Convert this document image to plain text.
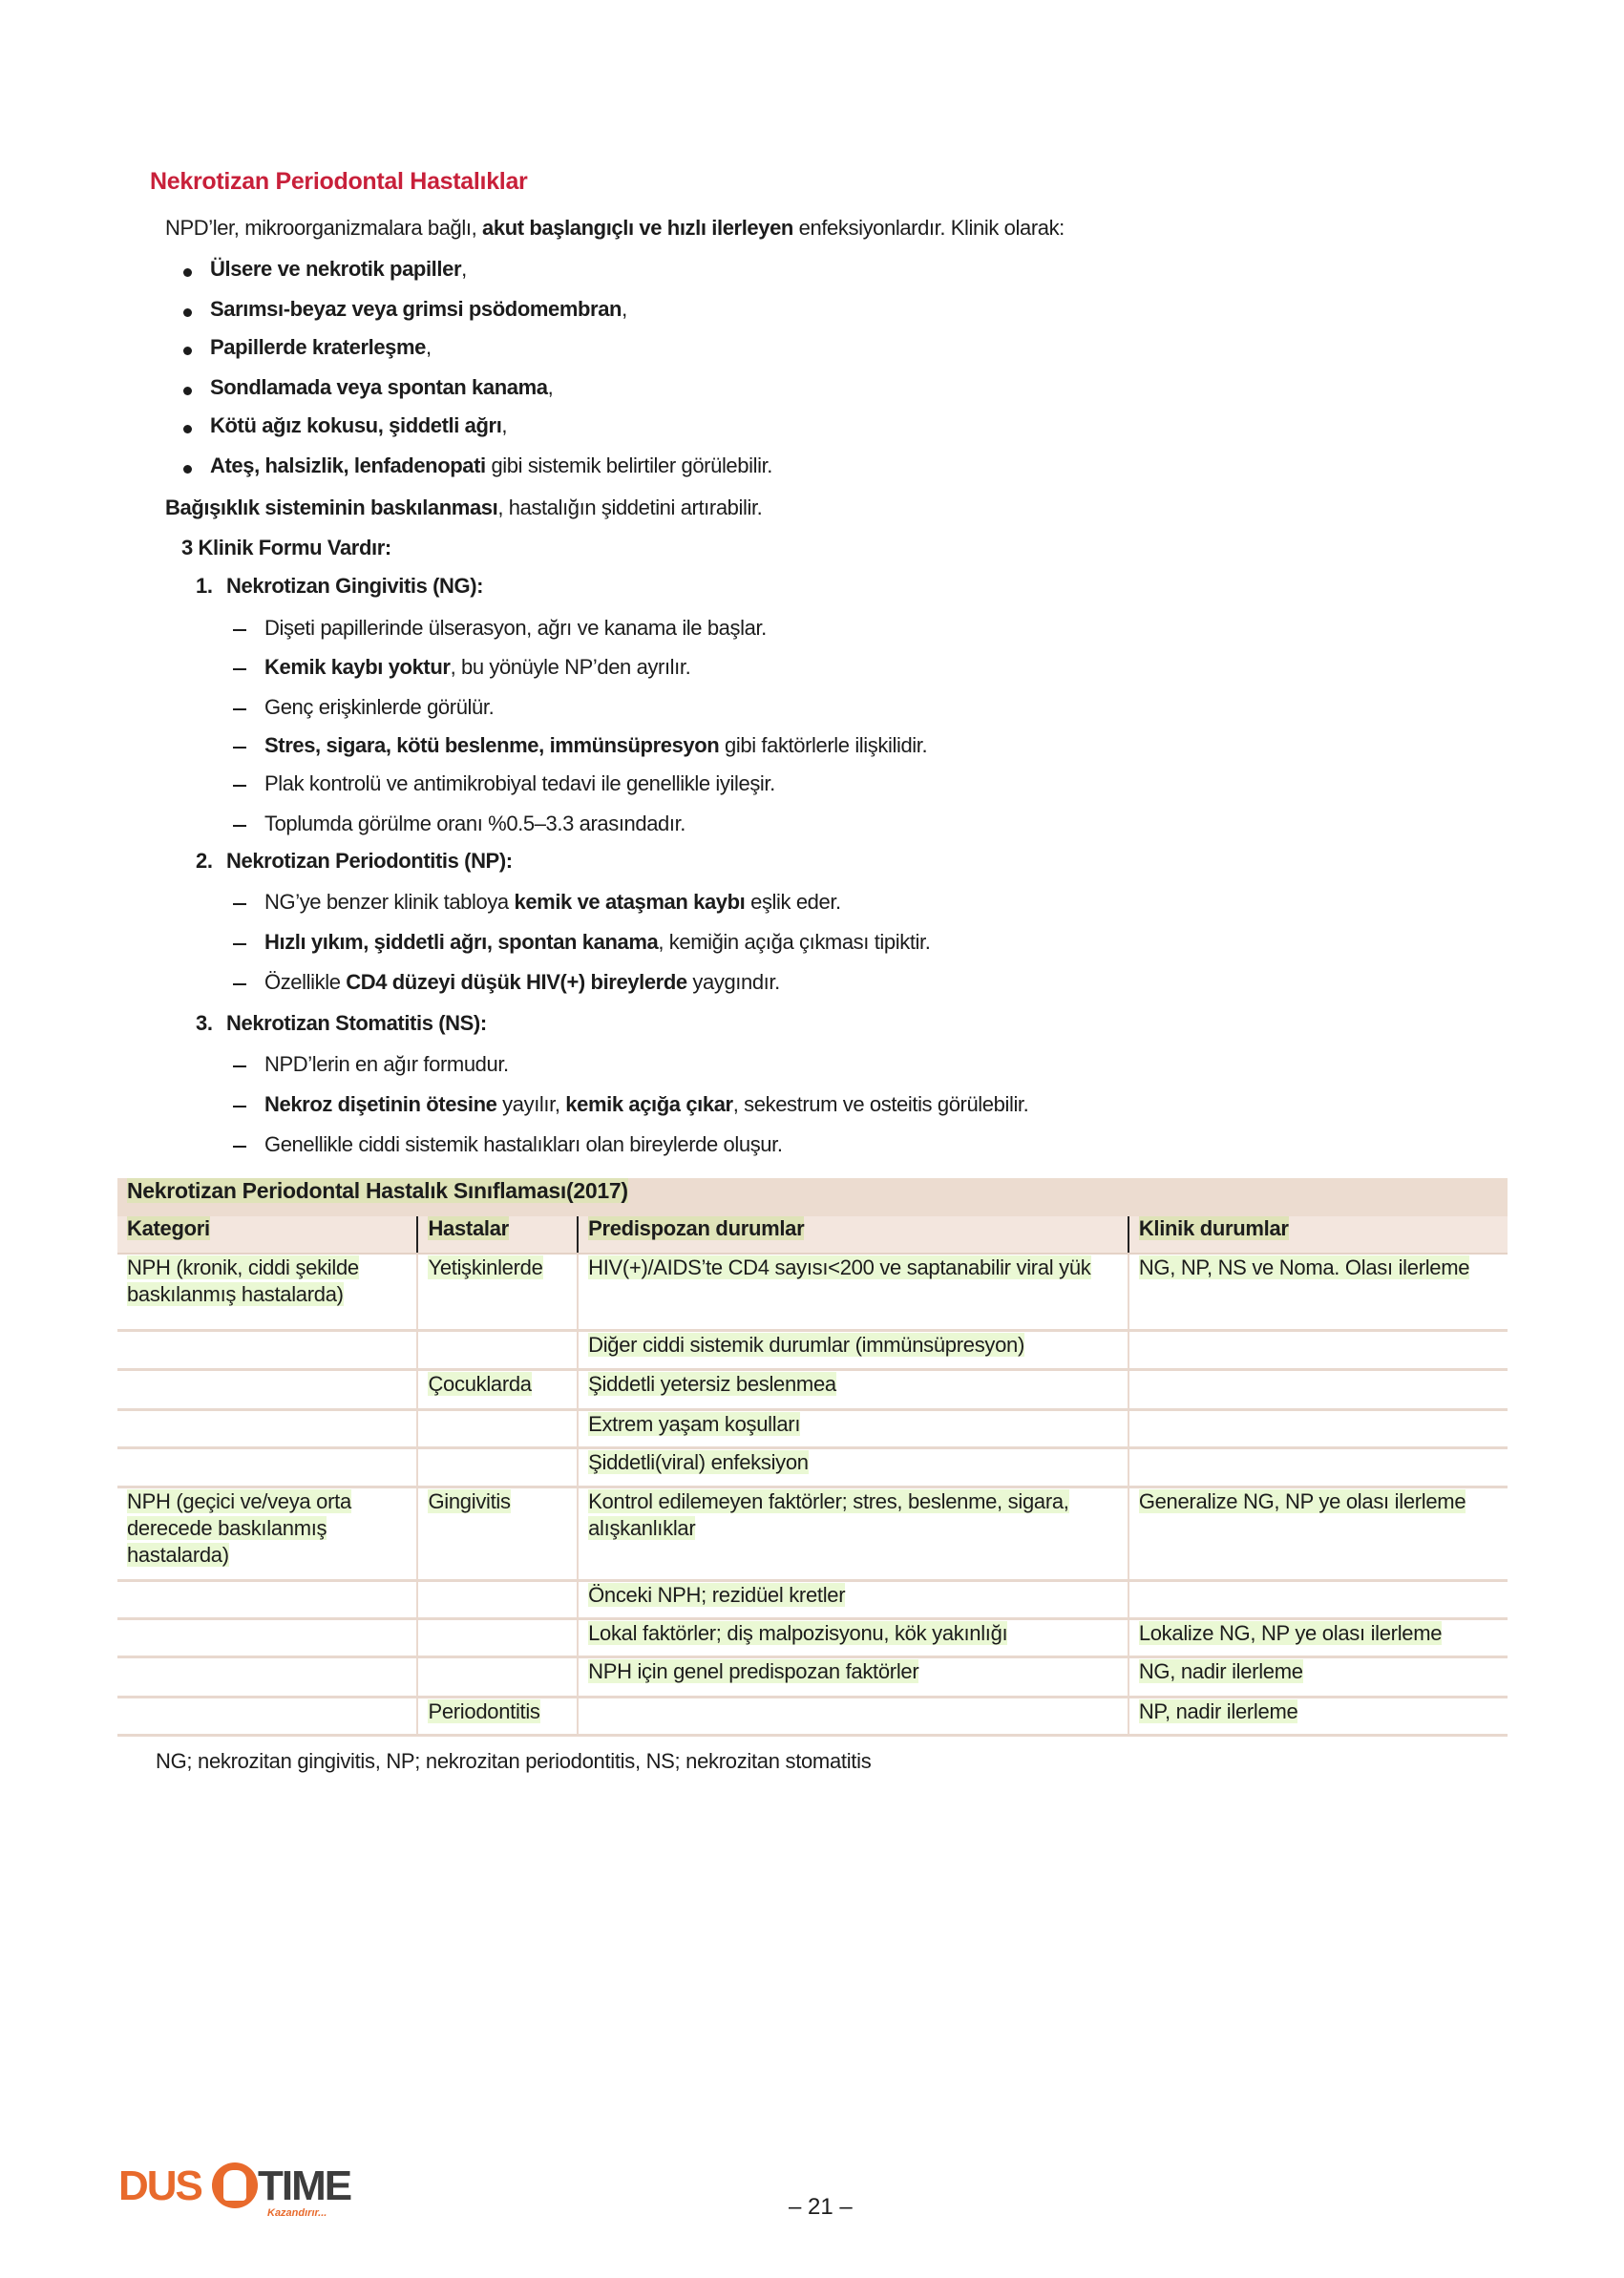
Nekrotizan Periodontal Hastalıklar
NPD’ler, mikroorganizmalara bağlı, akut başlangıçlı ve hızlı ilerleyen enfeksiyonlardır. Klinik olarak:
Ülsere ve nekrotik papiller,
Sarımsı-beyaz veya grimsi psödomembran,
Papillerde kraterleşme,
Sondlamada veya spontan kanama,
Kötü ağız kokusu, şiddetli ağrı,
Ateş, halsizlik, lenfadenopati gibi sistemik belirtiler görülebilir.
Bağışıklık sisteminin baskılanması, hastalığın şiddetini artırabilir.
3 Klinik Formu Vardır:
1. Nekrotizan Gingivitis (NG):
Dişeti papillerinde ülserasyon, ağrı ve kanama ile başlar.
Kemik kaybı yoktur, bu yönüyle NP’den ayrılır.
Genç erişkinlerde görülür.
Stres, sigara, kötü beslenme, immünsüpresyon gibi faktörlerle ilişkilidir.
Plak kontrolü ve antimikrobiyal tedavi ile genellikle iyileşir.
Toplumda görülme oranı %0.5–3.3 arasındadır.
2. Nekrotizan Periodontitis (NP):
NG’ye benzer klinik tabloya kemik ve ataşman kaybı eşlik eder.
Hızlı yıkım, şiddetli ağrı, spontan kanama, kemiğin açığa çıkması tipiktir.
Özellikle CD4 düzeyi düşük HIV(+) bireylerde yaygındır.
3. Nekrotizan Stomatitis (NS):
NPD’lerin en ağır formudur.
Nekroz dişetinin ötesine yayılır, kemik açığa çıkar, sekestrum ve osteitis görülebilir.
Genellikle ciddi sistemik hastalıkları olan bireylerde oluşur.
Nekrotizan Periodontal Hastalık Sınıflaması(2017)			
Kategori	Hastalar	Predispozan durumlar	Klinik durumlar
NPH (kronik, ciddi şekilde baskılanmış hastalarda)	Yetişkinlerde	HIV(+)/AIDS’te CD4 sayısı<200 ve saptanabilir viral yük	NG, NP, NS ve Noma. Olası ilerleme
		Diğer ciddi sistemik durumlar (immünsüpresyon)	
	Çocuklarda	Şiddetli yetersiz beslenmea	
		Extrem yaşam koşulları	
		Şiddetli(viral) enfeksiyon	
NPH (geçici ve/veya orta derecede baskılanmış hastalarda)	Gingivitis	Kontrol edilemeyen faktörler; stres, beslenme, sigara, alışkanlıklar	Generalize NG, NP ye olası ilerleme
		Önceki NPH; rezidüel kretler	
		Lokal faktörler; diş malpozisyonu, kök yakınlığı	Lokalize NG, NP ye olası ilerleme
		NPH için genel predispozan faktörler	NG, nadir ilerleme
	Periodontitis		NP, nadir ilerleme
NG; nekrozitan gingivitis, NP; nekrozitan periodontitis, NS; nekrozitan stomatitis
DUS TIME
Kazandırır...	– 21 –
